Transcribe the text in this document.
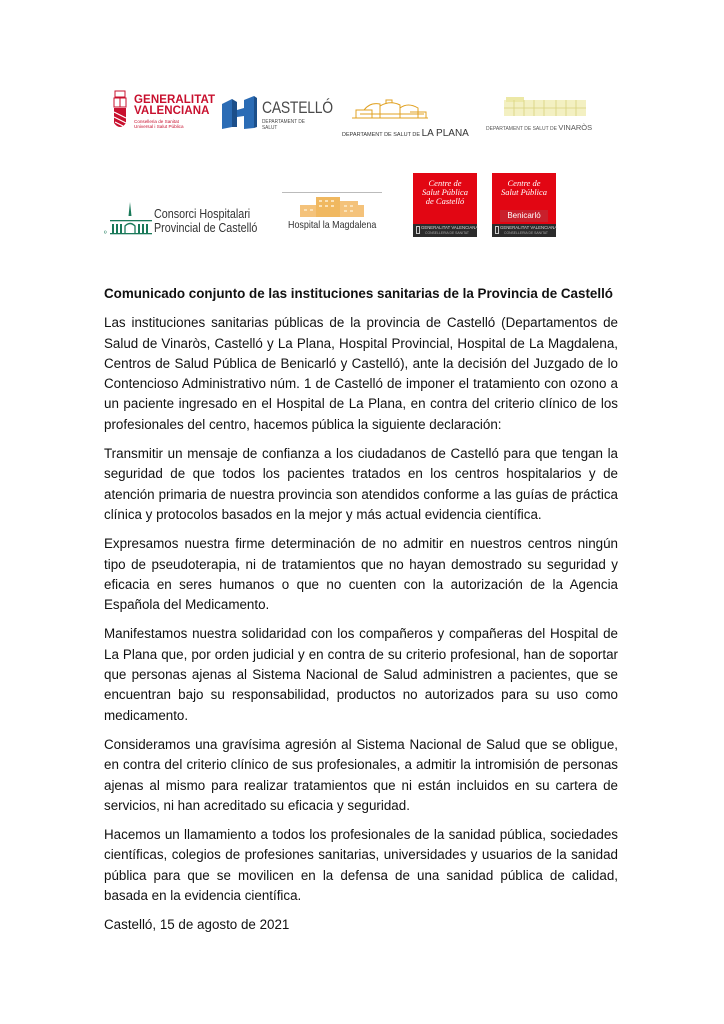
GENERALITAT
VALENCIANA
Conselleria de Sanitat
Universal i Salut Pública
CASTELLÓ
DEPARTAMENT DE SALUT
DEPARTAMENT DE SALUT DE LA PLANA	DEPARTAMENT DE SALUT DE VINARÒS
º
Consorci Hospitalari
Provincial de Castelló	Hospital la Magdalena
Centre de
Salut Pública
de Castelló
GENERALITAT VALENCIANA
CONSELLERIA DE SANITAT
Centre de
Salut Pública
Benicarló
GENERALITAT VALENCIANA
CONSELLERIA DE SANITAT
Comunicado conjunto de las instituciones sanitarias de la Provincia de Castelló

Las instituciones sanitarias públicas de la provincia de Castelló (Departamentos de Salud de Vinaròs, Castelló y La Plana, Hospital Provincial, Hospital de La Magdalena, Centros de Salud Pública de Benicarló y Castelló), ante la decisión del Juzgado de lo Contencioso Administrativo núm. 1 de Castelló de imponer el tratamiento con ozono a un paciente ingresado en el Hospital de La Plana, en contra del criterio clínico de los profesionales del centro, hacemos pública la siguiente declaración:

Transmitir un mensaje de confianza a los ciudadanos de Castelló para que tengan la seguridad de que todos los pacientes tratados en los centros hospitalarios y de atención primaria de nuestra provincia son atendidos conforme a las guías de práctica clínica y protocolos basados en la mejor y más actual evidencia científica.

Expresamos nuestra firme determinación de no admitir en nuestros centros ningún tipo de pseudoterapia, ni de tratamientos que no hayan demostrado su seguridad y eficacia en seres humanos o que no cuenten con la autorización de la Agencia Española del Medicamento.

Manifestamos nuestra solidaridad con los compañeros y compañeras del Hospital de La Plana que, por orden judicial y en contra de su criterio profesional, han de soportar que personas ajenas al Sistema Nacional de Salud administren a pacientes, que se encuentran bajo su responsabilidad, productos no autorizados para su uso como medicamento.

Consideramos una gravísima agresión al Sistema Nacional de Salud que se obligue, en contra del criterio clínico de sus profesionales, a admitir la intromisión de personas ajenas al mismo para realizar tratamientos que ni están incluidos en su cartera de servicios, ni han acreditado su eficacia y seguridad.

Hacemos un llamamiento a todos los profesionales de la sanidad pública, sociedades científicas, colegios de profesiones sanitarias, universidades y usuarios de la sanidad pública para que se movilicen en la defensa de una sanidad pública de calidad, basada en la evidencia científica.

Castelló, 15 de agosto de 2021
